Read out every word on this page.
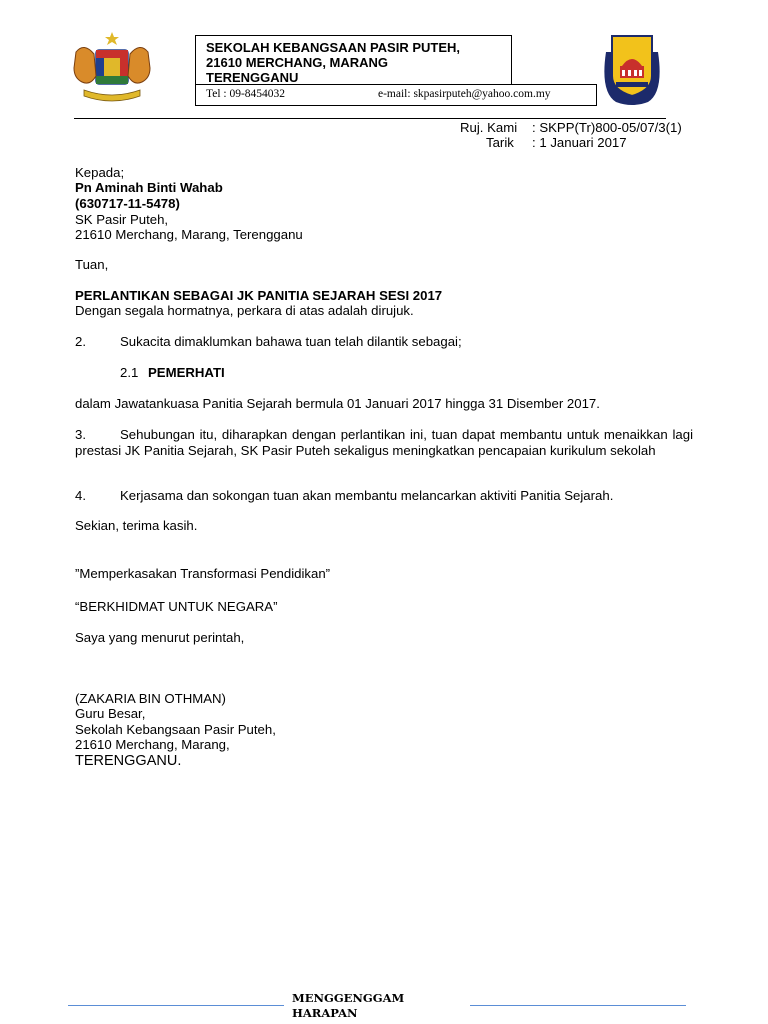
SEKOLAH KEBANGSAAN PASIR PUTEH,
21610 MERCHANG, MARANG
TERENGGANU
Tel : 09-8454032	e-mail: skpasirputeh@yahoo.com.my
Ruj. Kami : SKPP(Tr)800-05/07/3(1)
Tarik : 1 Januari 2017
Kepada;
Pn Aminah Binti Wahab
(630717-11-5478)
SK Pasir Puteh,
21610 Merchang, Marang, Terengganu
Tuan,
PERLANTIKAN SEBAGAI JK PANITIA SEJARAH SESI 2017
Dengan segala hormatnya, perkara di atas adalah dirujuk.
2.	Sukacita dimaklumkan bahawa tuan telah dilantik sebagai;
2.1 PEMERHATI
dalam Jawatankuasa Panitia Sejarah bermula 01 Januari 2017 hingga 31 Disember 2017.
3.	Sehubungan itu, diharapkan dengan perlantikan ini, tuan dapat membantu untuk menaikkan lagi prestasi JK Panitia Sejarah, SK Pasir Puteh sekaligus meningkatkan pencapaian kurikulum sekolah
4.	Kerjasama dan sokongan tuan akan membantu melancarkan aktiviti Panitia Sejarah.
Sekian, terima kasih.
”Memperkasakan Transformasi Pendidikan”
“BERKHIDMAT UNTUK NEGARA”
Saya yang menurut perintah,
(ZAKARIA BIN OTHMAN)
Guru Besar,
Sekolah Kebangsaan Pasir Puteh,
21610 Merchang, Marang,
TERENGGANU.
MENGGENGGAM
HARAPAN
